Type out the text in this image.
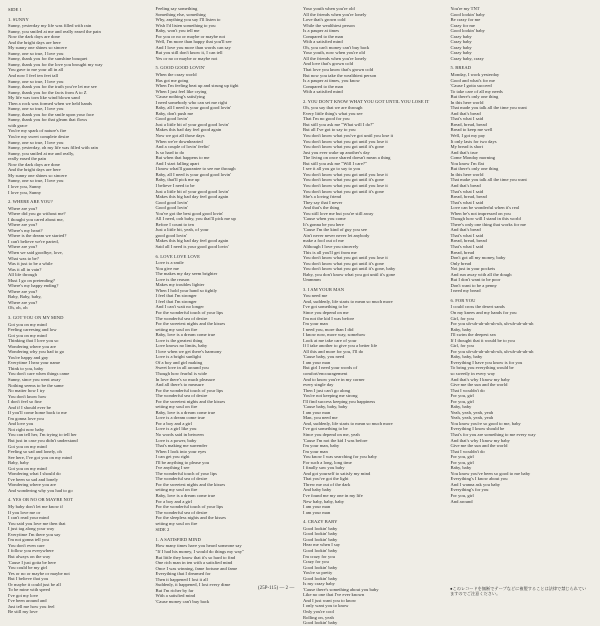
SIDE 1
1. SUNNY
Sunny, yesterday my life was filled with rain
Sunny, you smiled at me and really eased the pain
Now the dark days are done
And the bright days are here
My sunny one shines so sincere
Sunny, one so true, I love you
Sunny, thank you for the sunshine bouquet
Sunny, thank you for the love you brought my way
You gave to me your all in all
And now I feel ten feet tall
Sunny, one so true, I love you
Sunny, thank you for the truth you've let me see
Sunny, thank you for the facts from A to Z
My life was torn like wind blown sand
Then a rock was formed when we held hands
Sunny, one so true, I love you
Sunny, thank you for the smile upon your face
Sunny, thank you for that gleam that flows
with grace
You're my spark of nature's fire
You're my sweet complete desire
Sunny, one so true, I love you
Sunny, yesterday, oh my life was filled with rain
Sunny, you smiled at me and really,
really eased the pain
Now the dark days are done
And the bright days are here
My sunny one shines so sincere
Sunny, one so true, I love you
I love you, Sunny
I love you, Sunny
2. WHERE ARE YOU?
Where are you?
Where did you go without me?
I thought you cared about me,
Where are you?
Where's my heart?
Where is the dream we started?
I can't believe we're parted,
Where are you?
When we said goodbye, love,
What was to be?
Was it just to be a while
Was it all in vain?
All life through
Must I go on pretending?
Where's my happy ending?
Where are you?
Baby, Baby, baby,
Where are you?
Oh, oh, oh
3. GOT YOU ON MY MIND
Got you on my mind
Feeling careesing and low
Got you on my mind
Thinking that I love you so
Wondering where you are
Wondering why you had to go
You're happy and gay
Everytime I hear your name
Think to you, baby
You don't care when things came
Sunny, since you went away
Nothing seems to be the same
No matter how I try
You don't know how
I don't feel so fine
And if I should ever be
If you'll come home back to me
I'm gonna love you
And love you
Not right now baby
You can tell her, I'm trying to tell her
But just in case you didn't understand
Got you on my mind
Feeling so sad and lonely, oh
See here, I've got you on my mind
Baby, baby
Got you on my mind
Wondering what I should do
I've been so sad and lonely
Wondering where you are
And wondering why you had to go
4. YES OR NO OR MAYBE NOT
My baby don't let me know if
If you love me or
I can't read your mind
You said you love me then that
I just tag along your way
Everytime I'm there you say
I'm not gonna tell you
You don't even care
I follow you everywhere
But always on the way
'Cause I just gotta be here
You could be my girl
Yes or no or maybe or maybe not
But I believe that you
Or maybe it could just be all
To be mine with speed
I've got my love
I've been around and
Just tell me how you feel
Be still my love
Feeling say something
Something else, something
Why, anything you say I'll listen to
Wish I'd listen something to you
Baby, won't you tell me
For you or no or maybe or maybe not
Well, I'm more than happy that you'll see
And I love you more than words can say
But you still don't know it, I can tell
Yes or no or maybe or maybe not
5. GOOD GOOD LOVIN'
When the crazy world
Has got me going
When I'm feeling beat up and strung up tight
When I just feel like crying
'Cause nothing's satisfying
I need somebody who can set me right
Baby, all I need is your good good lovin'
Baby, don't push me
Good good lovin'
Just a little bit of your good good lovin'
Makes this bad day feel good again
Now we got all those days
When we're downhearted
And a couple of lovin' feelin'
Is so hard to do
But when that happens to me
And I start falling apart
I know what'll guarantee to see me through
Baby, all I need is your good good lovin'
Baby, that'll pick me up
I believe I need to be
Just a little bit of your good good lovin'
Makes this big bad day feel good again
Good good lovin'
Good good lovin'
You've got the best good good lovin'
All I need, ooh baby, you that'll pick me up
Before I count to ten
Just a little bit, yeah, of your
good good lovin'
Makes this big bad day feel good again
Said all I need is your good good lovin'
6. LOVE LOVE LOVE
Love is a smile
You give me
The makes my day seem brighter
Love is the reason
Makes my troubles lighter
When I hold your hand so tightly
I feel that I'm stronger
I feel that I'm stronger
And I can't wait no longer
For the wonderful touch of your lips
The wonderful sea of desire
For the sweetest nights and the kisses
setting my soul on fire
Baby, love is a dream come true
Love is the greatest thing
Love knows no limits, baby
I love when we get there's harmony
Love is a bright sunlight
Of a boy and girl making
Sweet love in all around you
Though how fearful is wide
In love there's so much pleasure
And all there's to measure
For the wonderful touch of your lips
The wonderful sea of desire
For the sweetest nights and the kisses
setting my soul on fire
Baby, love is a dream come true
Love is a dream come true
For a boy and a girl
Love is a girl like you
No words said in between
Love is a power, baby
That's making me surrender
When I look into your eyes
I can get you right
I'll be anything to please you
I've anything I see
The wonderful touch of your lips
The wonderful sea of desire
For the sweetest nights and the kisses
setting my soul on fire
Baby, love is a dream come true
For a boy and a girl
For the wonderful touch of your lips
The wonderful sea of desire
For the sleepless nights and the kisses
setting my soul on fire
SIDE 2
1. A SATISFIED MIND
How many times have you heard someone say
"If I had his money, I would do things my way"
But little they know that it's so hard to find
One rich man in ten with a satisfied mind
Once I was winning, fame fortune and fame
Everything that I dreamed for
Then it happened I lost it all
Suddenly, it happened, I lost every dime
But I'm richer by far
With a satisfied mind
'Cause money can't buy back
Your youth when you're old
All the friends when you're lonely
Love that's grown cold
While the wealthiest person
Is a pauper at times
Compared to the man
With a satisfied mind
Oh, you can't money can't buy back
Your youth, now when you're old
All the friends when you're lonely
And love that's grown cold
That love you know that's grown cold
But now you take the wealthiest person
Is a pauper at times, you know
Compared to the man
With a satisfied mind
2. YOU DON'T KNOW WHAT YOU GOT UNTIL YOU LOSE IT
Oh, you say that we are through
Every little thing's what you see
That I'm no good for you
But still you ask me "What will I do?"
But all I've got to say to you
You don't know what you've got until you lose it
You don't know what you got until you lose it
You don't know what you got until it's gone
Just you ever wake up another's day
The living on once shared doesn't mean a thing
But still you ask me "Will I care?"
I see it all you go to say to you
You don't know what you got until you lose it
You don't know what you got until it's gone
You don't know what you got until you lose it
You don't know what you got until it's gone
She's a loving friend
They say that I never
And that's the thing
You still love me but you're still away
'Cause when you come
It's gonna be you here
'Cause I'm the kind of guy you see
Ain't never never never let anybody
make a fool out of me
Although I love you sincerely
This is all you'll get from me
You don't know what you got until you lose it
You don't know what you got until it's gone
You don't know what you got until it's gone, baby
Baby, you don't know what you got until it's gone
Ummmm
3. I AM YOUR MAN
You need me
And, suddenly, life starts to mean so much more
I've got something to be
Since you depend on me
I'm not the kid I was before
I'm your man
I need you, more than I did
I know now, more way, somehow
Look at me take care of your
If I take another to give you a better life
All this and more for you, I'll do
'Cause baby, you need
I am your man
But girl I need your words of
comfort/encouragement
And to know you're in my corner
every single day
Then I just can't go along
You're not keeping me strong
I'll find success keeping you happiness
'Cause baby, baby, baby
I am your man
Man, you need me
And, suddenly, life starts to mean so much more
I've got something to be
Since you depend on me, yeah
'Cause I'm not the kid I was before
I'm your man, baby
I'm your man
You know I was searching for you baby
For such a long, long time
I finally saw you baby
And got yourself to satisfy my mind
That you've got the light
Threw me out of the dark
And baby baby
I've found me my one in my life
New baby, baby, baby
I am your man
I am your man
4. CRAZY BABY
Good lookin' baby
Good lookin' baby
Good lookin' baby
Hear me when I say
Good lookin' baby
I'm crazy for you
Crazy for you
Good lookin' baby
You're so pretty
Good lookin' baby
Is my crazy baby
'Cause there's something about you baby
Like no one that I've ever known
And I just want you to know
I only want you to know
Only you're cool
Rolling on, yeah
Good lookin' baby
You're my TNT
Good lookin' baby
Be crazy for me
Crazy for me
Good lookin' baby
Crazy baby
Crazy baby
Crazy baby
Crazy baby
Crazy baby, crazy
5. BREAD
Monday, I work yesterday
Good and what's for me
'Cause I gotta succeed
To take care of all my needs
But there's only one thing
In this here world
That made you talk all the time you want
And that's bread
That's what I said
Bread, bread, bread
Bread to keep me well
Well, I got my pay
It only lasts for two days
My bread is short
And that's true
Come Monday morning
You know I'm flat
But there's only one thing
In this here world
That make you talk all the time you want
And that's bread
That's what I said
Bread, bread, bread
That's what I said
Love can be wonderful when it's real
When he's not impressed on you
Though how will I stand in this world
There's only one thing that works for me
And that's bread
That's what I said
Bread, bread, bread
That's what I said
Bread, bread
Don't got all my money, baby
Only bread
Not just in your pockets
And run away with all the dough
But I don't want to be poor
Don't want to be a penny
I need my bread
6. FOR YOU
I could cross the desert sands
On my knees and my hands for you
Girl, for you
For you uh-uh-uh-uh-uh-uh, uh-uh-uh-uh-uh
Baby, baby
I'll swim the deepest sea
If I thought that it would be to you
Girl, for you
For you uh-uh-uh-uh-uh-uh, uh-uh-uh-uh-uh
Baby, baby, baby
Everything I have you know is for you
To bring you everything would be
so sweetly in every way
And that's why I know my baby
Give me the sun and the world
That I wouldn't do
For you, girl
For you, girl
Baby, baby
Yeah, yeah, yeah, yeah
Yeah, yeah, yeah, yeah
You know you're so good to me, baby
Everything I know should be
That's for you are something to me every way
And that's why I know my baby
Give me the sun and the world
That I wouldn't do
For you, girl
For you, girl
Baby, baby
You know you've been so good to me baby
Everything's I know about you
And I wanna ask you baby
Everything's for you
For you, girl
And around
(25P-115) — 2 —	●このレコードを無断でテープなどに複製することは法律で禁じられていますのでご注意ください。
